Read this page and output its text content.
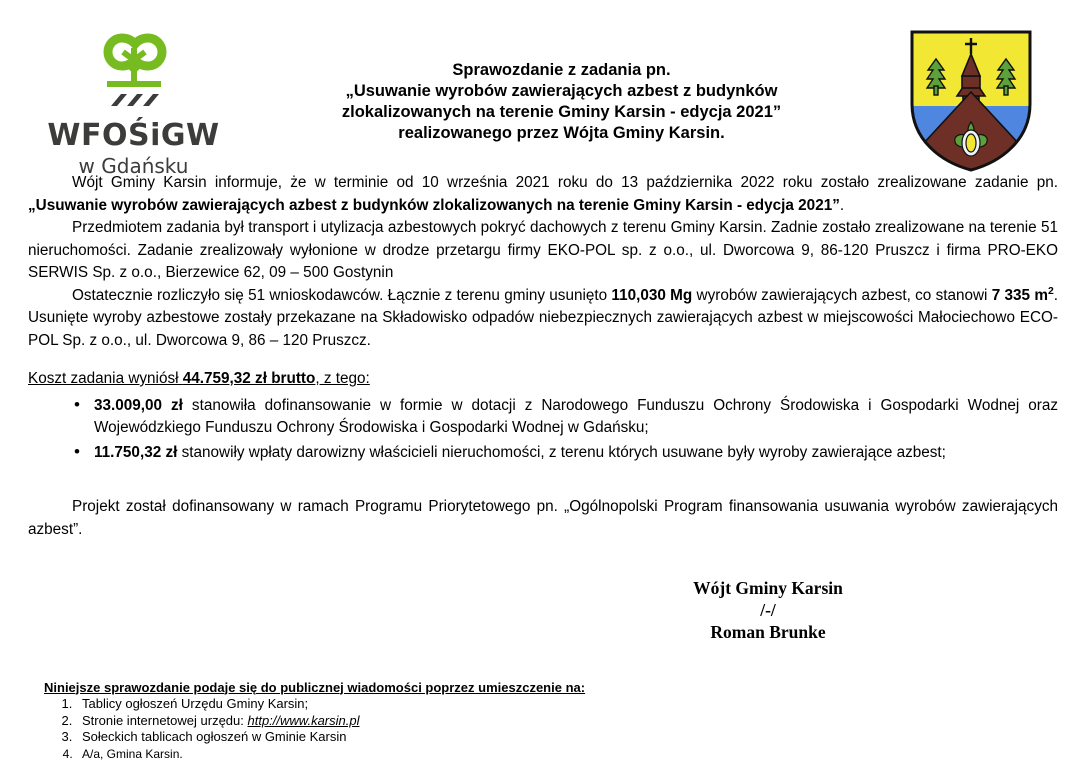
WFOŚiGW
w Gdańsku
Sprawozdanie z zadania pn.
„Usuwanie wyrobów zawierających azbest z budynków
zlokalizowanych na terenie Gminy Karsin - edycja 2021”
realizowanego przez Wójta Gminy Karsin.

Wójt Gminy Karsin informuje, że w terminie od 10 września 2021 roku do 13 października 2022 roku zostało zrealizowane zadanie pn. „Usuwanie wyrobów zawierających azbest z budynków zlokalizowanych na terenie Gminy Karsin - edycja 2021”.

Przedmiotem zadania był transport i utylizacja azbestowych pokryć dachowych z terenu Gminy Karsin. Zadnie zostało zrealizowane na terenie 51 nieruchomości. Zadanie zrealizowały wyłonione w drodze przetargu firmy EKO-POL sp. z o.o., ul. Dworcowa 9, 86-120 Pruszcz i firma PRO-EKO SERWIS Sp. z o.o., Bierzewice 62, 09 – 500 Gostynin

Ostatecznie rozliczyło się 51 wnioskodawców. Łącznie z terenu gminy usunięto 110,030 Mg wyrobów zawierających azbest, co stanowi 7 335 $m^2$. Usunięte wyroby azbestowe zostały przekazane na Składowisko odpadów niebezpiecznych zawierających azbest w miejscowości Małociechowo ECO-POL Sp. z o.o., ul. Dworcowa 9, 86 – 120 Pruszcz.

Koszt zadania wyniósł 44.759,32 zł brutto, z tego:

• 33.009,00 zł stanowiła dofinansowanie w formie w dotacji z Narodowego Funduszu Ochrony Środowiska i Gospodarki Wodnej oraz Wojewódzkiego Funduszu Ochrony Środowiska i Gospodarki Wodnej w Gdańsku;
• 11.750,32 zł stanowiły wpłaty darowizny właścicieli nieruchomości, z terenu których usuwane były wyroby zawierające azbest;

Projekt został dofinansowany w ramach Programu Priorytetowego pn. „Ogólnopolski Program finansowania usuwania wyrobów zawierających azbest”.

Wójt Gminy Karsin
/-/
Roman Brunke
Niniejsze sprawozdanie podaje się do publicznej wiadomości poprzez umieszczenie na:
1. Tablicy ogłoszeń Urzędu Gminy Karsin;
2. Stronie internetowej urzędu: http://www.karsin.pl
3. Sołeckich tablicach ogłoszeń w Gminie Karsin
4. A/a, Gmina Karsin.
